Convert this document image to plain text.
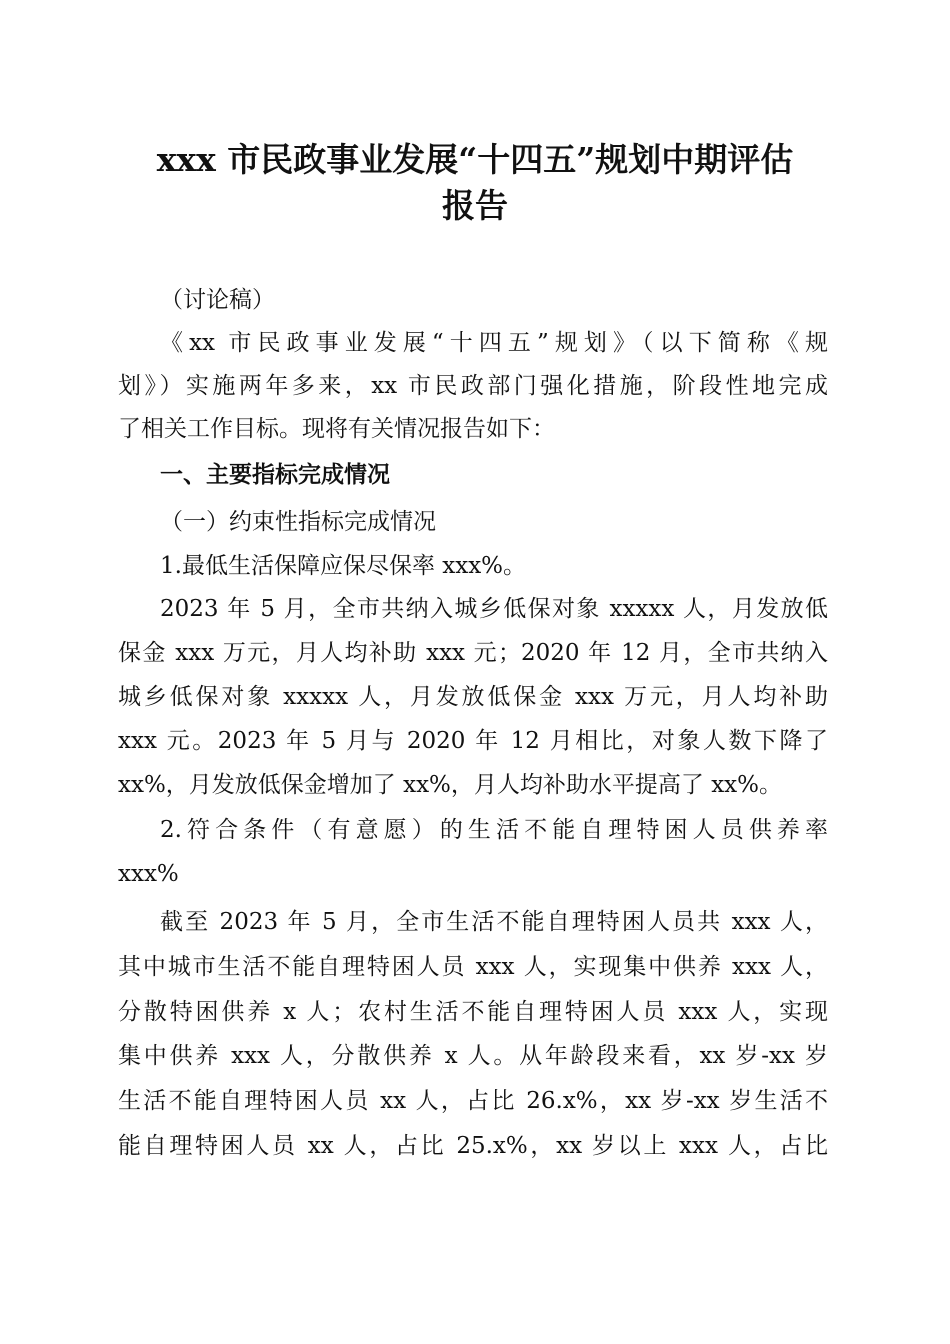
xxx 市民政事业发展“十四五”规划中期评估
报告

（讨论稿）

《xx 市民政事业发展“十四五”规划》（以下简称《规

划》）实施两年多来，xx 市民政部门强化措施，阶段性地完成

了相关工作目标。现将有关情况报告如下：

一、主要指标完成情况

（一）约束性指标完成情况

1.最低生活保障应保尽保率 xxx%。

2023 年 5 月，全市共纳入城乡低保对象 xxxxx 人，月发放低

保金 xxx 万元，月人均补助 xxx 元；2020 年 12 月，全市共纳入

城乡低保对象 xxxxx 人，月发放低保金 xxx 万元，月人均补助

xxx 元。2023 年 5 月与 2020 年 12 月相比，对象人数下降了

xx%，月发放低保金增加了 xx%，月人均补助水平提高了 xx%。

2.符合条件（有意愿）的生活不能自理特困人员供养率

xxx%

截至 2023 年 5 月，全市生活不能自理特困人员共 xxx 人，

其中城市生活不能自理特困人员 xxx 人，实现集中供养 xxx 人，

分散特困供养 x 人；农村生活不能自理特困人员 xxx 人，实现

集中供养 xxx 人，分散供养 x 人。从年龄段来看，xx 岁-xx 岁

生活不能自理特困人员 xx 人，占比 26.x%，xx 岁-xx 岁生活不

能自理特困人员 xx 人，占比 25.x%，xx 岁以上 xxx 人，占比
